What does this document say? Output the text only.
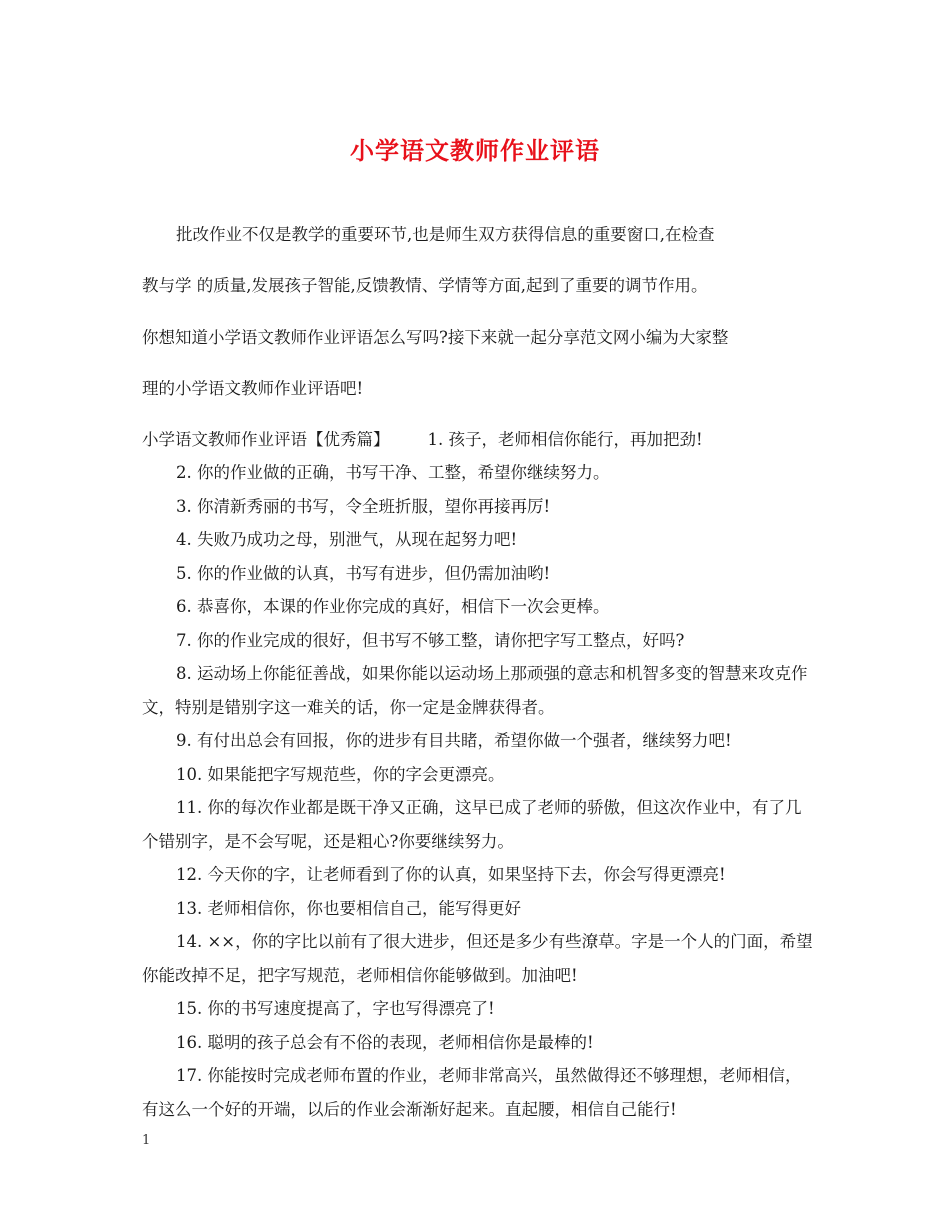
小学语文教师作业评语

批改作业不仅是教学的重要环节,也是师生双方获得信息的重要窗口,在检查

教与学 的质量,发展孩子智能,反馈教情、学情等方面,起到了重要的调节作用。

你想知道小学语文教师作业评语怎么写吗?接下来就一起分享范文网小编为大家整

理的小学语文教师作业评语吧!

小学语文教师作业评语【优秀篇】 1. 孩子，老师相信你能行，再加把劲!

2. 你的作业做的正确，书写干净、工整，希望你继续努力。

3. 你清新秀丽的书写，令全班折服，望你再接再厉!

4. 失败乃成功之母，别泄气，从现在起努力吧!

5. 你的作业做的认真，书写有进步，但仍需加油哟!

6. 恭喜你，本课的作业你完成的真好，相信下一次会更棒。

7. 你的作业完成的很好，但书写不够工整，请你把字写工整点，好吗?

8. 运动场上你能征善战，如果你能以运动场上那顽强的意志和机智多变的智慧来攻克作文，特别是错别字这一难关的话，你一定是金牌获得者。

9. 有付出总会有回报，你的进步有目共睹，希望你做一个强者，继续努力吧!

10. 如果能把字写规范些，你的字会更漂亮。

11. 你的每次作业都是既干净又正确，这早已成了老师的骄傲，但这次作业中，有了几个错别字，是不会写呢，还是粗心?你要继续努力。

12. 今天你的字，让老师看到了你的认真，如果坚持下去，你会写得更漂亮!

13. 老师相信你，你也要相信自己，能写得更好

14. ××，你的字比以前有了很大进步，但还是多少有些潦草。字是一个人的门面，希望你能改掉不足，把字写规范，老师相信你能够做到。加油吧!

15. 你的书写速度提高了，字也写得漂亮了!

16. 聪明的孩子总会有不俗的表现，老师相信你是最棒的!

17. 你能按时完成老师布置的作业，老师非常高兴，虽然做得还不够理想，老师相信，有这么一个好的开端，以后的作业会渐渐好起来。直起腰，相信自己能行!

1
